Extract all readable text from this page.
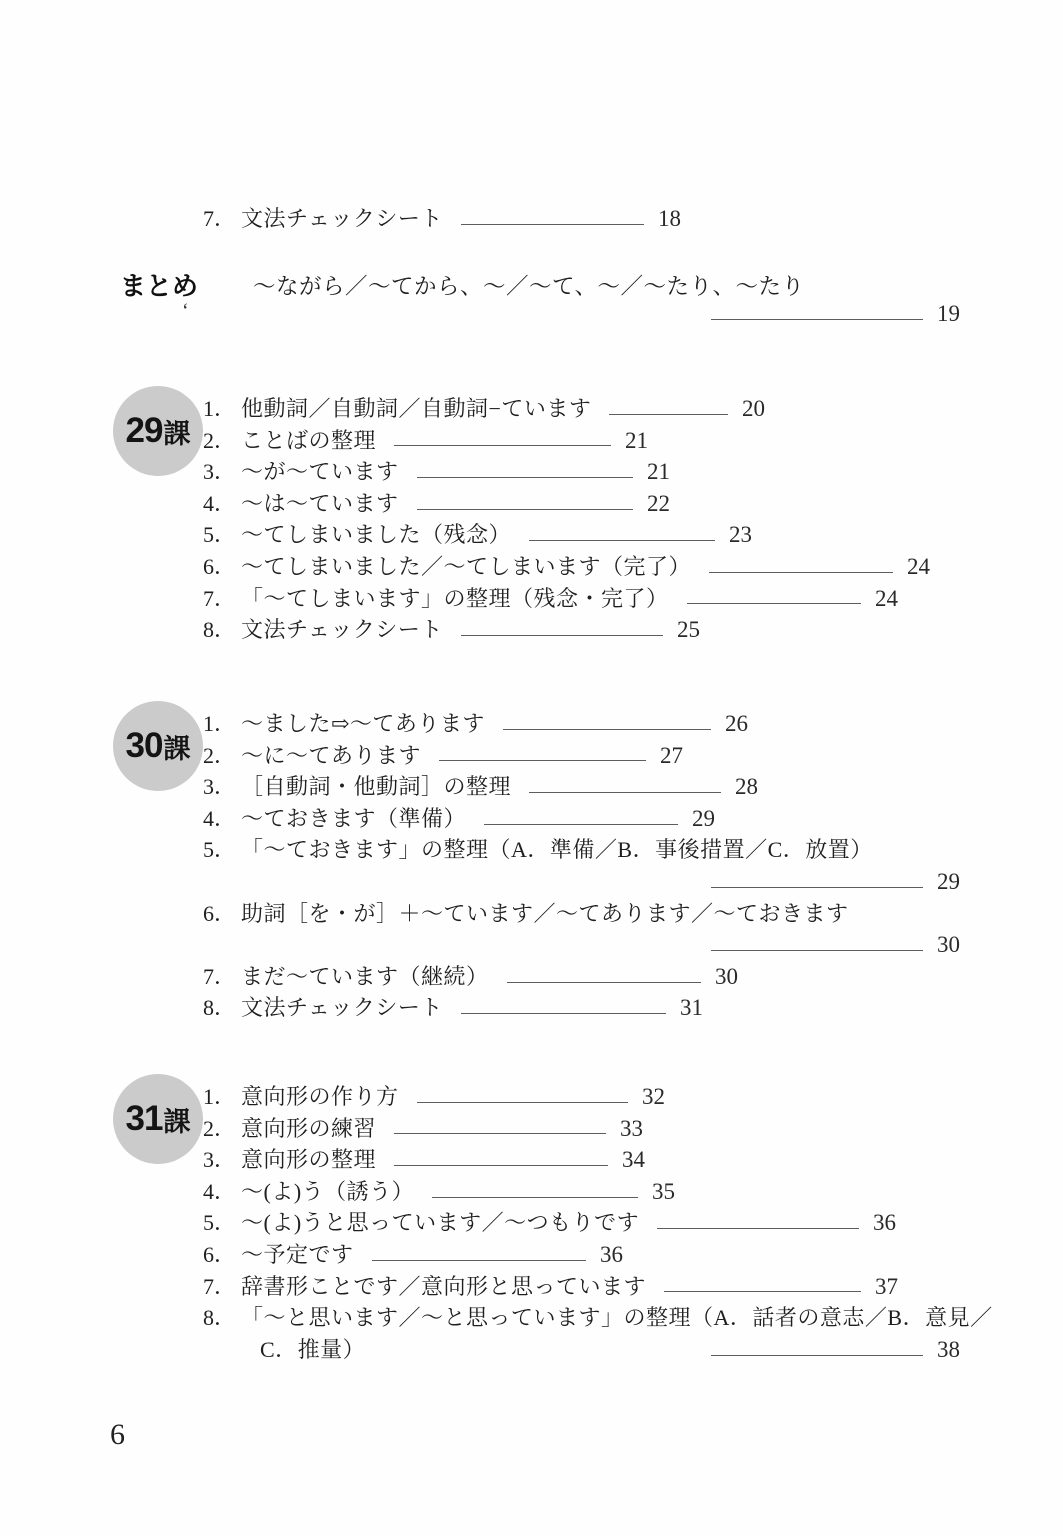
7． 文法チェックシート	18
まとめ
‘
〜ながら／〜てから、〜／〜て、〜／〜たり、〜たり
19
29 課
1． 他動詞／自動詞／自動詞−ています	20
2． ことばの整理	21
3． 〜が〜ています	21
4． 〜は〜ています	22
5． 〜てしまいました（残念）	23
6． 〜てしまいました／〜てしまいます（完了）	24
7． 「〜てしまいます」の整理（残念・完了）	24
8． 文法チェックシート	25
30 課
1． 〜ました⇨〜てあります	26
2． 〜に〜てあります	27
3． ［自動詞・他動詞］の整理	28
4． 〜ておきます（準備）	29
5． 「〜ておきます」の整理（A．準備／B．事後措置／C．放置）
29
6． 助詞［を・が］＋〜ています／〜てあります／〜ておきます
30
7． まだ〜ています（継続）	30
8． 文法チェックシート	31
31 課
1． 意向形の作り方	32
2． 意向形の練習	33
3． 意向形の整理	34
4． 〜(よ)う（誘う）	35
5． 〜(よ)うと思っています／〜つもりです	36
6． 〜予定です	36
7． 辞書形ことです／意向形と思っています	37
8． 「〜と思います／〜と思っています」の整理（A．話者の意志／B．意見／
C．推量）	38
6
